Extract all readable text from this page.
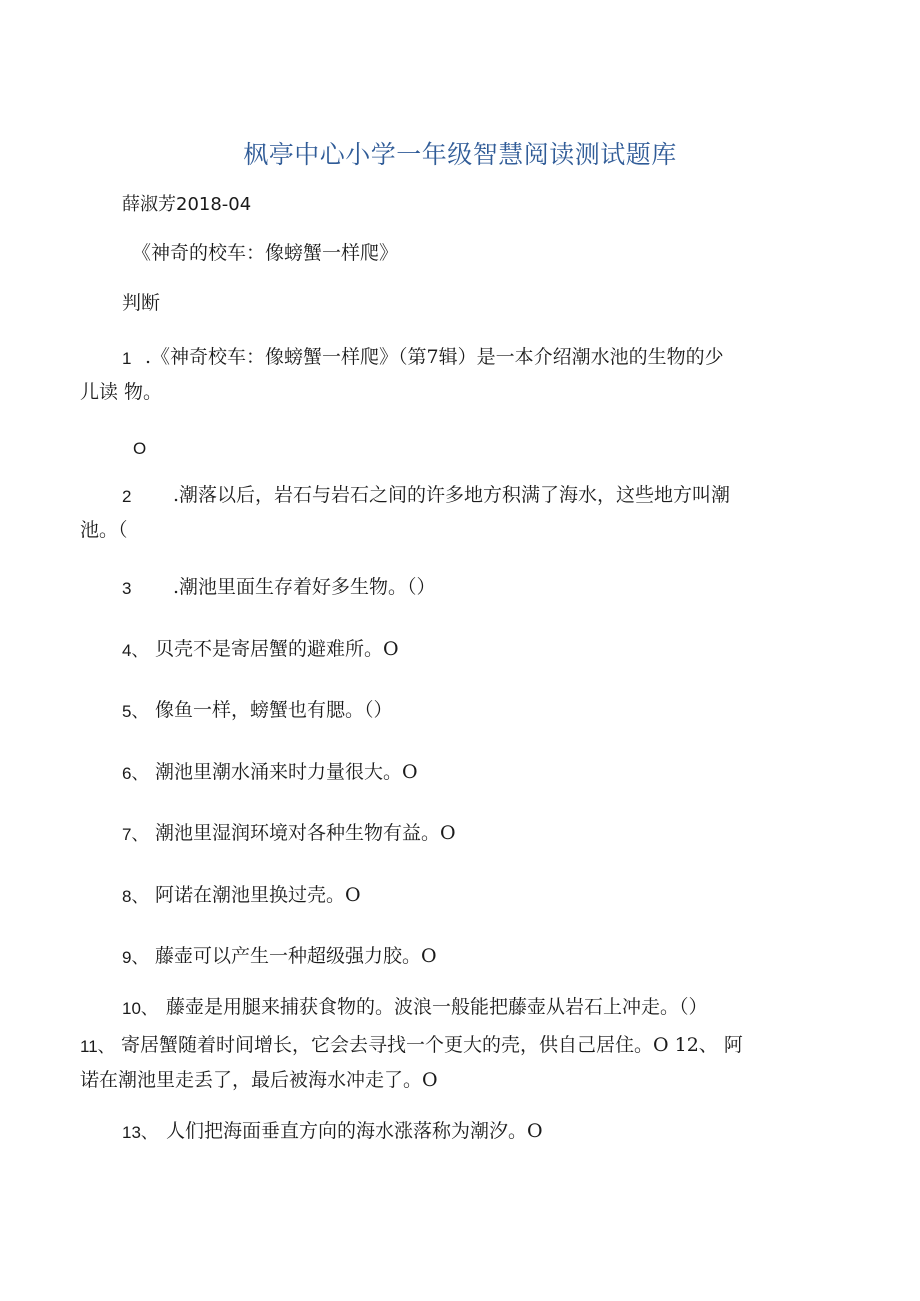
枫亭中心小学一年级智慧阅读测试题库
薛淑芳2018-04
《神奇的校车：像螃蟹一样爬》
判断
1 .《神奇校车：像螃蟹一样爬》（第7辑）是一本介绍潮水池的生物的少
儿读 物。
O
2 .潮落以后，岩石与岩石之间的许多地方积满了海水，这些地方叫潮
池。（
3 .潮池里面生存着好多生物。（）
4、 贝壳不是寄居蟹的避难所。O
5、 像鱼一样，螃蟹也有腮。（）
6、 潮池里潮水涌来时力量很大。O
7、 潮池里湿润环境对各种生物有益。O
8、 阿诺在潮池里换过壳。O
9、 藤壶可以产生一种超级强力胶。O
10、 藤壶是用腿来捕获食物的。波浪一般能把藤壶从岩石上冲走。（）
11、 寄居蟹随着时间增长，它会去寻找一个更大的壳，供自己居住。O 12、 阿
诺在潮池里走丢了，最后被海水冲走了。O
13、 人们把海面垂直方向的海水涨落称为潮汐。O
